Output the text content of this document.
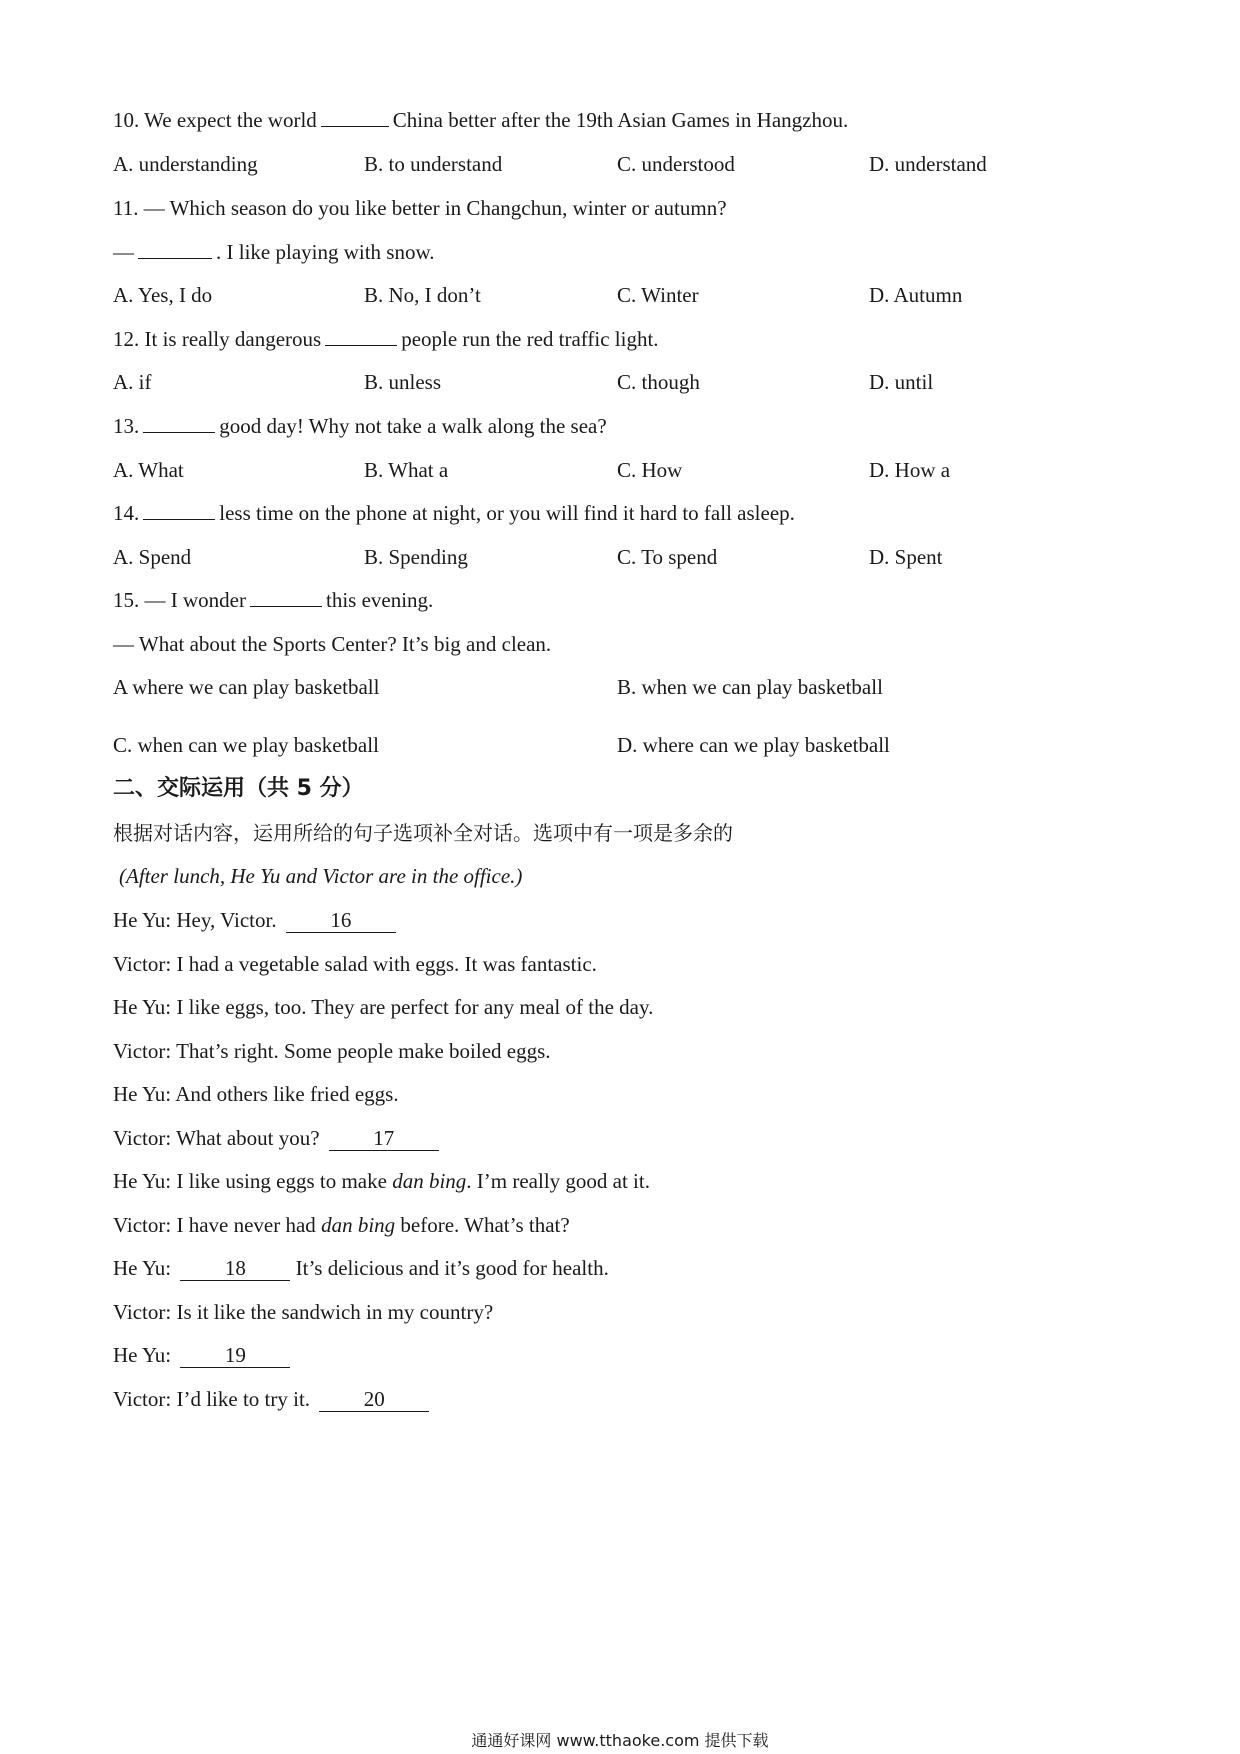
10. We expect the world	China better after the 19th Asian Games in Hangzhou.
A. understanding	B. to understand	C. understood	D. understand
11. — Which season do you like better in Changchun, winter or autumn?
—	. I like playing with snow.
A. Yes, I do	B. No, I don’t	C. Winter	D. Autumn
12. It is really dangerous	people run the red traffic light.
A. if	B. unless	C. though	D. until
13.	good day! Why not take a walk along the sea?
A. What	B. What a	C. How	D. How a
14.	less time on the phone at night, or you will find it hard to fall asleep.
A. Spend	B. Spending	C. To spend	D. Spent
15. — I wonder	this evening.
— What about the Sports Center? It’s big and clean.
A where we can play basketball	B. when we can play basketball
C. when can we play basketball	D. where can we play basketball
二、交际运用（共 5 分）
根据对话内容，运用所给的句子选项补全对话。选项中有一项是多余的
(After lunch, He Yu and Victor are in the office.)
He Yu: Hey, Victor.	16
Victor: I had a vegetable salad with eggs. It was fantastic.
He Yu: I like eggs, too. They are perfect for any meal of the day.
Victor: That’s right. Some people make boiled eggs.
He Yu: And others like fried eggs.
Victor: What about you?	17
He Yu: I like using eggs to make dan bing. I’m really good at it.
Victor: I have never had dan bing before. What’s that?
He Yu:	18 It’s delicious and it’s good for health.
Victor: Is it like the sandwich in my country?
He Yu:	19
Victor: I’d like to try it.	20
通通好课网 www.tthaoke.com 提供下载
